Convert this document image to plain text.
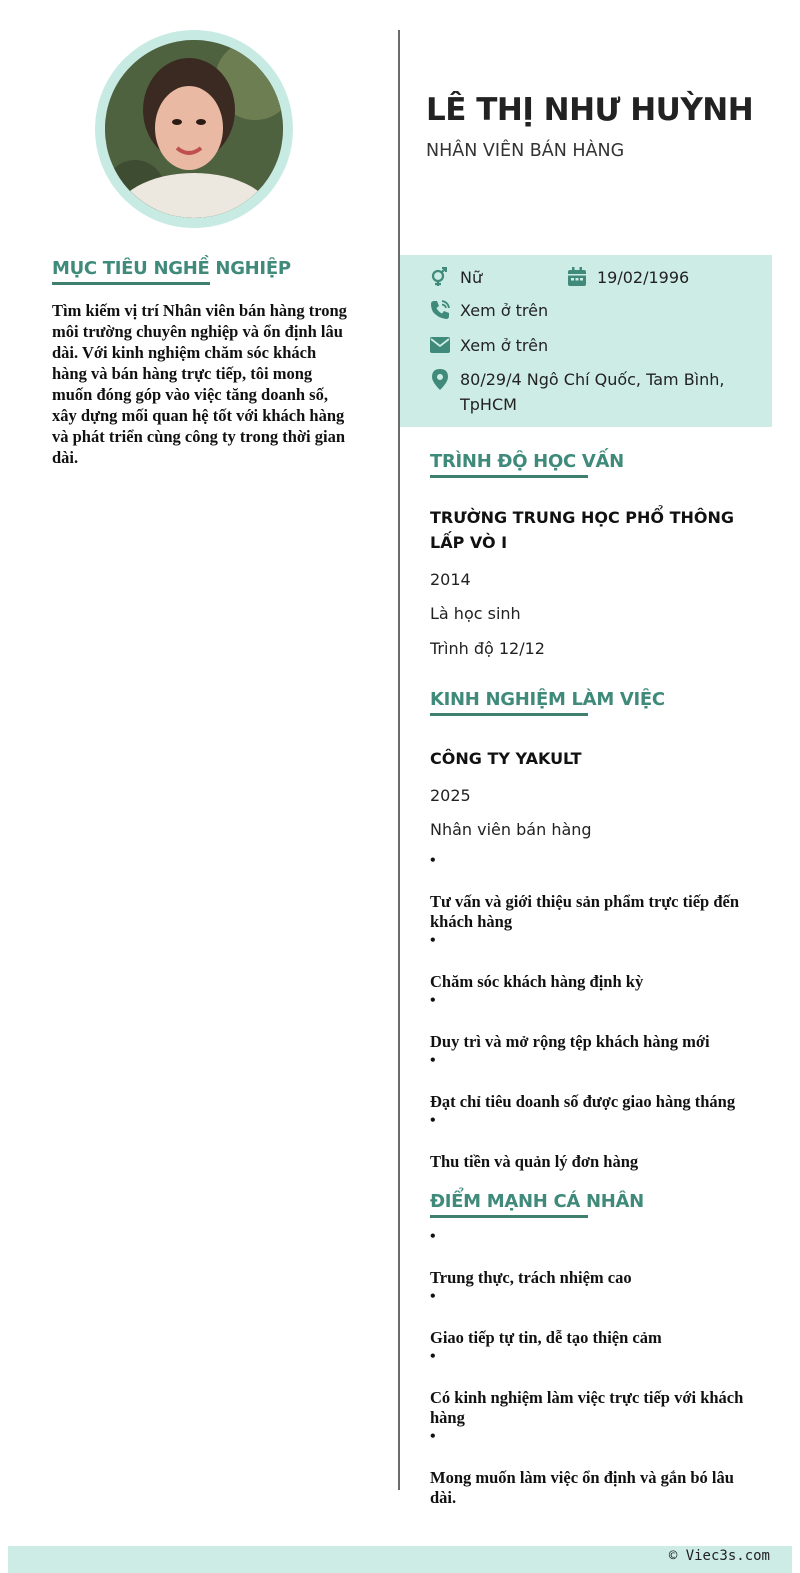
MỤC TIÊU NGHỀ NGHIỆP
Tìm kiếm vị trí Nhân viên bán hàng trong môi trường chuyên nghiệp và ổn định lâu dài. Với kinh nghiệm chăm sóc khách hàng và bán hàng trực tiếp, tôi mong muốn đóng góp vào việc tăng doanh số, xây dựng mối quan hệ tốt với khách hàng và phát triển cùng công ty trong thời gian dài.
LÊ THỊ NHƯ HUỲNH
NHÂN VIÊN BÁN HÀNG
Nữ	19/02/1996
Xem ở trên
Xem ở trên
80/29/4 Ngô Chí Quốc, Tam Bình, TpHCM
TRÌNH ĐỘ HỌC VẤN
TRƯỜNG TRUNG HỌC PHỔ THÔNG LẤP VÒ I
2014
Là học sinh
Trình độ 12/12
KINH NGHIỆM LÀM VIỆC
CÔNG TY YAKULT
2025
Nhân viên bán hàng
•
Tư vấn và giới thiệu sản phẩm trực tiếp đến khách hàng
•
Chăm sóc khách hàng định kỳ
•
Duy trì và mở rộng tệp khách hàng mới
•
Đạt chỉ tiêu doanh số được giao hàng tháng
•
Thu tiền và quản lý đơn hàng
ĐIỂM MẠNH CÁ NHÂN
•
Trung thực, trách nhiệm cao
•
Giao tiếp tự tin, dễ tạo thiện cảm
•
Có kinh nghiệm làm việc trực tiếp với khách hàng
•
Mong muốn làm việc ổn định và gắn bó lâu dài.
© Viec3s.com
